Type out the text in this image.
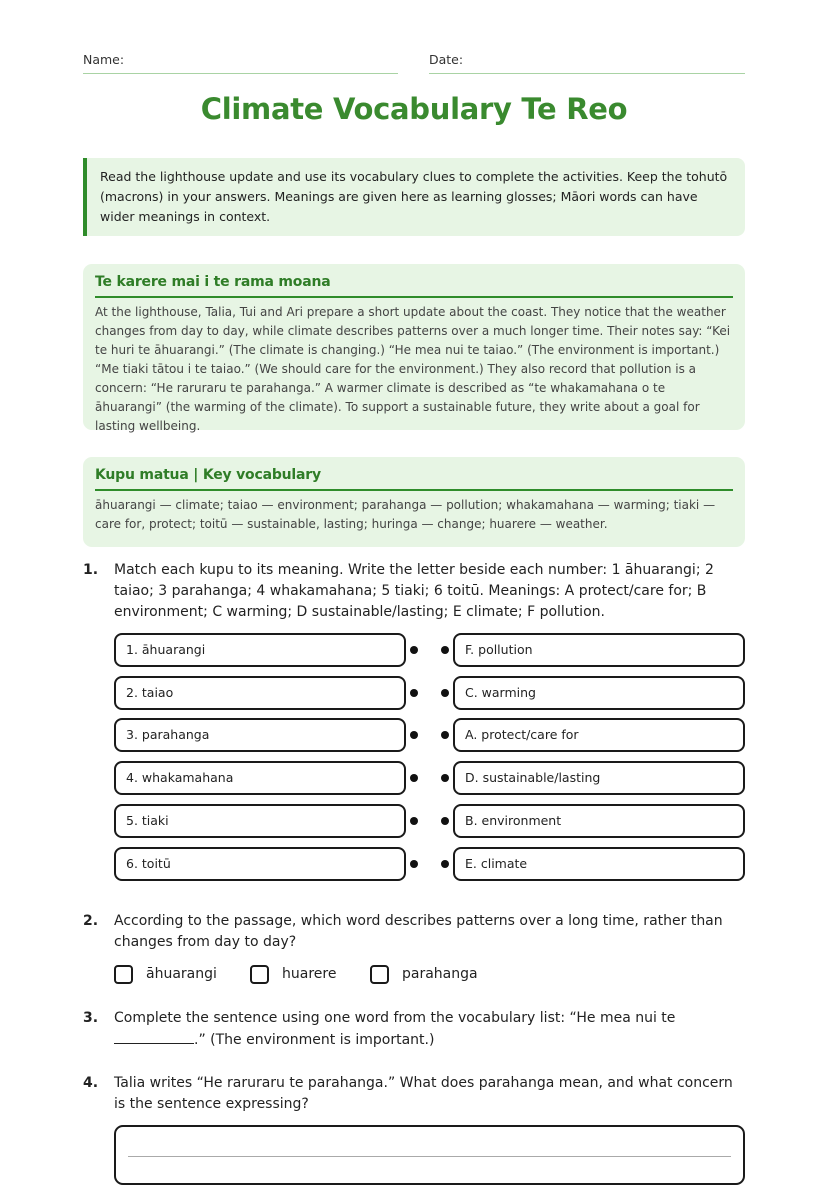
Name:	Date:
Climate Vocabulary Te Reo
Read the lighthouse update and use its vocabulary clues to complete the activities. Keep the tohutō (macrons) in your answers. Meanings are given here as learning glosses; Māori words can have wider meanings in context.
Te karere mai i te rama moana

At the lighthouse, Talia, Tui and Ari prepare a short update about the coast. They notice that the weather changes from day to day, while climate describes patterns over a much longer time. Their notes say: “Kei te huri te āhuarangi.” (The climate is changing.) “He mea nui te taiao.” (The environment is important.) “Me tiaki tātou i te taiao.” (We should care for the environment.) They also record that pollution is a concern: “He raruraru te parahanga.” A warmer climate is described as “te whakamahana o te āhuarangi” (the warming of the climate). To support a sustainable future, they write about a goal for lasting wellbeing.

Kupu matua | Key vocabulary

āhuarangi — climate; taiao — environment; parahanga — pollution; whakamahana — warming; tiaki — care for, protect; toitū — sustainable, lasting; huringa — change; huarere — weather.

1. Match each kupu to its meaning. Write the letter beside each number: 1 āhuarangi; 2 taiao; 3 parahanga; 4 whakamahana; 5 tiaki; 6 toitū. Meanings: A protect/care for; B environment; C warming; D sustainable/lasting; E climate; F pollution.
1. āhuarangi	F. pollution
2. taiao	C. warming
3. parahanga	A. protect/care for
4. whakamahana	D. sustainable/lasting
5. tiaki	B. environment
6. toitū	E. climate
2. According to the passage, which word describes patterns over a long time, rather than changes from day to day?
āhuarangi	huarere	parahanga
3. Complete the sentence using one word from the vocabulary list: “He mea nui te .” (The environment is important.)
4. Talia writes “He raruraru te parahanga.” What does parahanga mean, and what concern is the sentence expressing?
